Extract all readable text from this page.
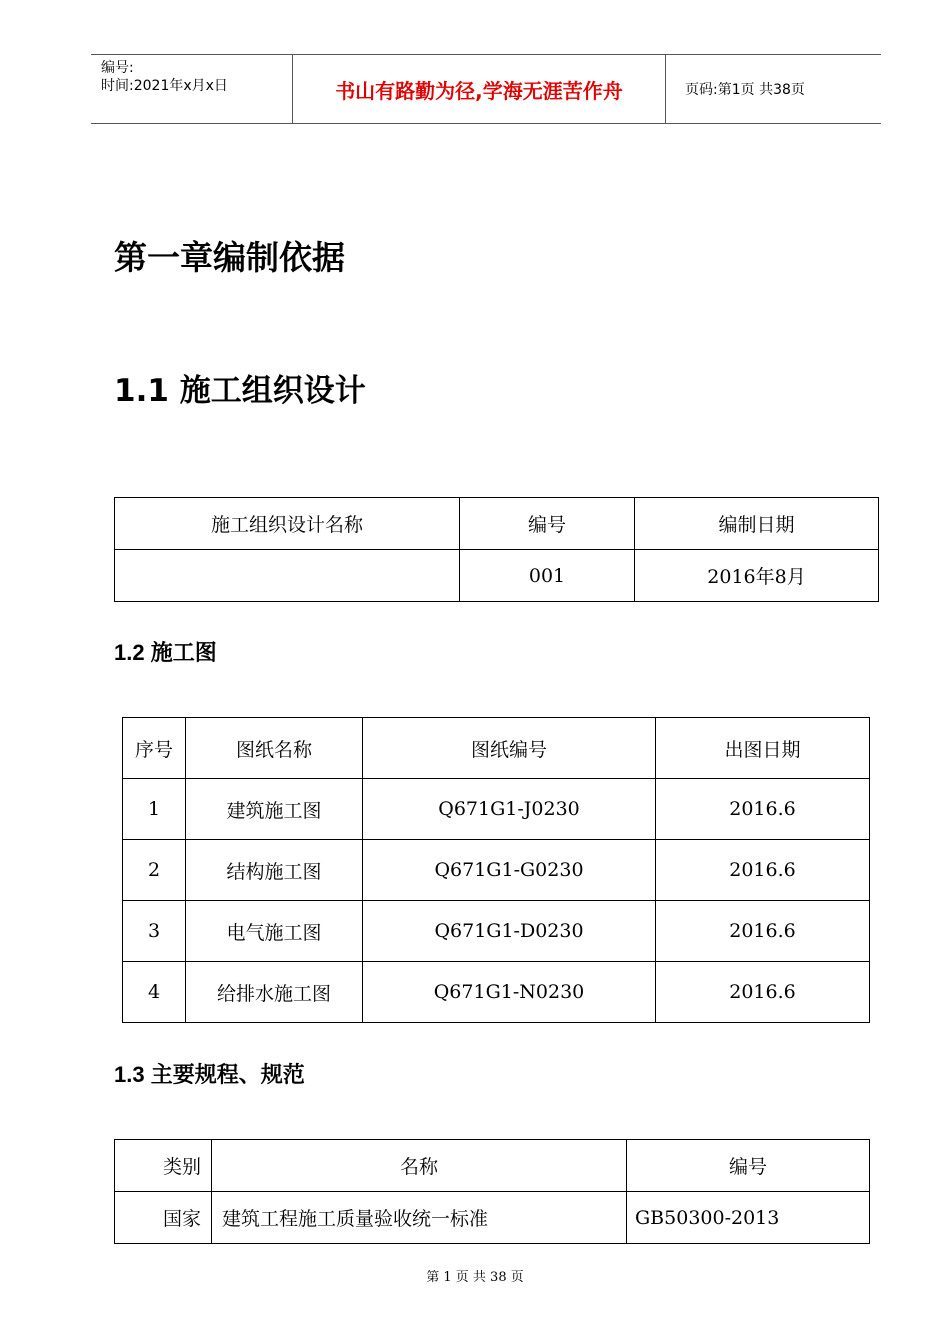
编号:
时间:2021年x月x日	书山有路勤为径,学海无涯苦作舟	页码:第1页 共38页
第一章编制依据
1.1 施工组织设计
施工组织设计名称	编号	编制日期
	001	2016年8月
1.2 施工图
序号	图纸名称	图纸编号	出图日期
1	建筑施工图	Q671G1-J0230	2016.6
2	结构施工图	Q671G1-G0230	2016.6
3	电气施工图	Q671G1-D0230	2016.6
4	给排水施工图	Q671G1-N0230	2016.6
1.3 主要规程、规范
类别	名称	编号
国家	建筑工程施工质量验收统一标准	GB50300-2013
第 1 页 共 38 页
